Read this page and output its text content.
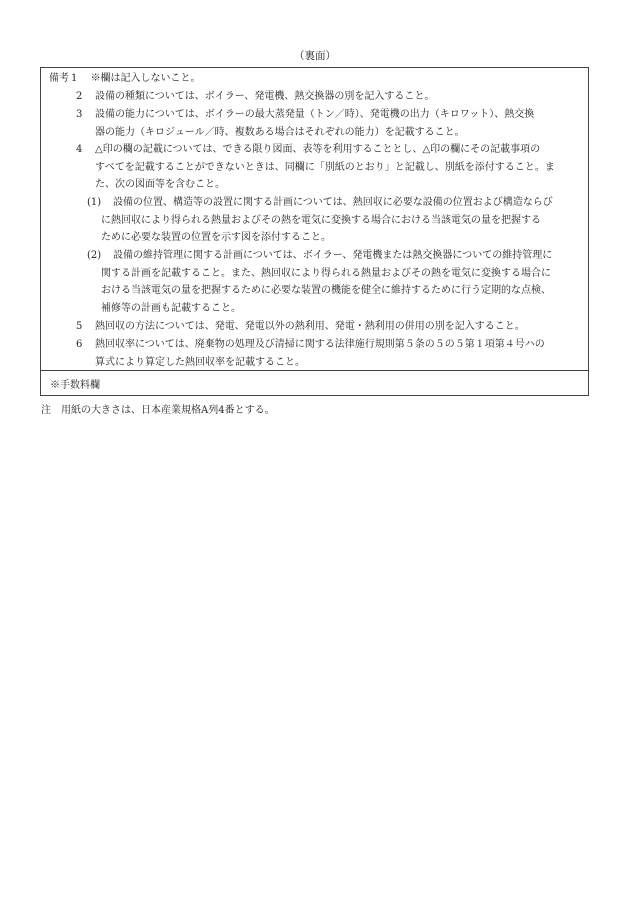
（裏面）
備考 1 ※欄は記入しないこと。
2 設備の種類については、ボイラー、発電機、熱交換器の別を記入すること。
3 設備の能力については、ボイラーの最大蒸発量（トン／時）、発電機の出力（キロワット）、熱交換
器の能力（キロジュール／時、複数ある場合はそれぞれの能力）を記載すること。
4 △印の欄の記載については、できる限り図面、表等を利用することとし、△印の欄にその記載事項の
すべてを記載することができないときは、同欄に「別紙のとおり」と記載し、別紙を添付すること。ま
た、次の図面等を含むこと。
(1) 設備の位置、構造等の設置に関する計画については、熱回収に必要な設備の位置および構造ならび
に熱回収により得られる熱量およびその熱を電気に変換する場合における当該電気の量を把握する
ために必要な装置の位置を示す図を添付すること。
(2) 設備の維持管理に関する計画については、ボイラー、発電機または熱交換器についての維持管理に
関する計画を記載すること。また、熱回収により得られる熱量およびその熱を電気に変換する場合に
おける当該電気の量を把握するために必要な装置の機能を健全に維持するために行う定期的な点検、
補修等の計画も記載すること。
5 熱回収の方法については、発電、発電以外の熱利用、発電・熱利用の併用の別を記入すること。
6 熱回収率については、廃棄物の処理及び清掃に関する法律施行規則第５条の５の５第１項第４号ハの
算式により算定した熱回収率を記載すること。
※手数料欄
注　用紙の大きさは、日本産業規格A列4番とする。
